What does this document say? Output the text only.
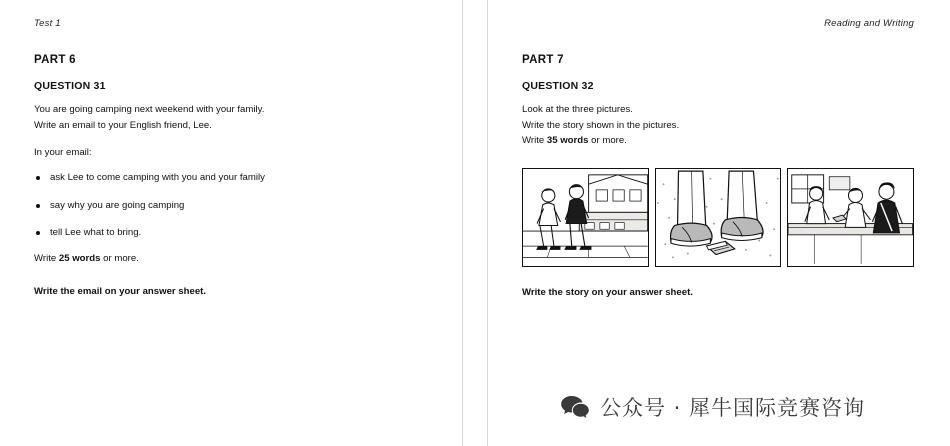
Test 1
PART 6
QUESTION 31
You are going camping next weekend with your family.
Write an email to your English friend, Lee.
In your email:
ask Lee to come camping with you and your family
say why you are going camping
tell Lee what to bring.
Write 25 words or more.
Write the email on your answer sheet.
Reading and Writing
PART 7
QUESTION 32
Look at the three pictures.
Write the story shown in the pictures.
Write 35 words or more.
Write the story on your answer sheet.
公众号 · 犀牛国际竞赛咨询
